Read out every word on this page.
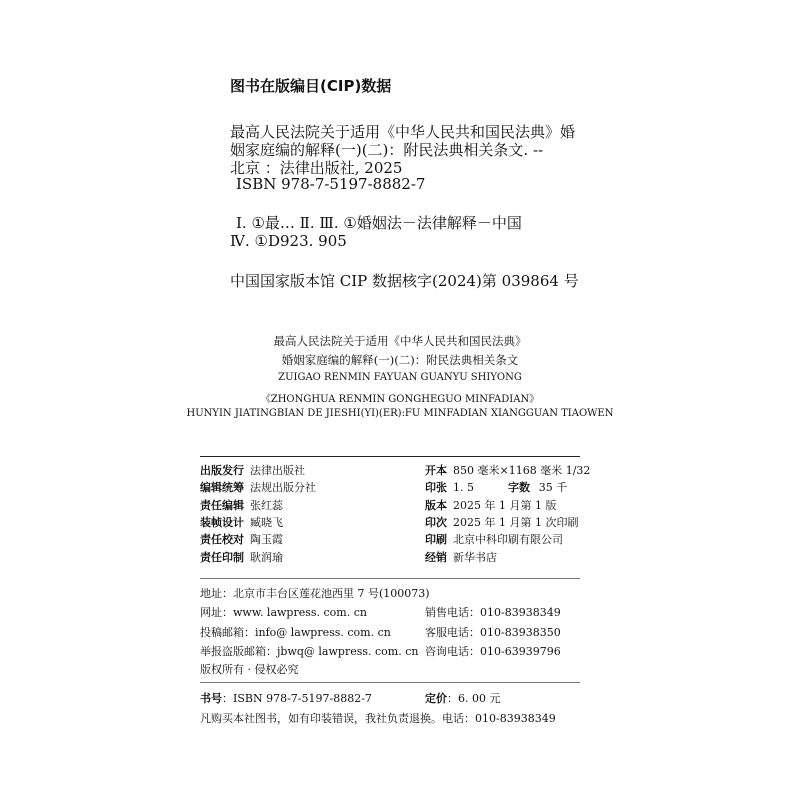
图书在版编目(CIP)数据
最高人民法院关于适用《中华人民共和国民法典》婚
姻家庭编的解释(一)(二)：附民法典相关条文. --
北京 ：法律出版社, 2025
ISBN 978-7-5197-8882-7
Ⅰ. ①最… Ⅱ. Ⅲ. ①婚姻法－法律解释－中国
Ⅳ. ①D923. 905
中国国家版本馆 CIP 数据核字(2024)第 039864 号
最高人民法院关于适用《中华人民共和国民法典》
婚姻家庭编的解释(一)(二)：附民法典相关条文
ZUIGAO RENMIN FAYUAN GUANYU SHIYONG
《ZHONGHUA RENMIN GONGHEGUO MINFADIAN》
HUNYIN JIATINGBIAN DE JIESHI(YI)(ER):FU MINFADIAN XIANGGUAN TIAOWEN
出版发行 法律出版社
编辑统筹 法规出版分社
责任编辑 张红蕊
装帧设计 臧晓飞
责任校对 陶玉霞
责任印制 耿润瑜
开本 850 毫米×1168 毫米 1/32
印张 1. 5
版本 2025 年 1 月第 1 版
印次 2025 年 1 月第 1 次印刷
印刷 北京中科印刷有限公司
经销 新华书店
字数 35 千
地址：北京市丰台区莲花池西里 7 号(100073)
网址：www. lawpress. com. cn
投稿邮箱：info@ lawpress. com. cn
举报盗版邮箱：jbwq@ lawpress. com. cn
版权所有 · 侵权必究
销售电话：010-83938349
客服电话：010-83938350
咨询电话：010-63939796
书号：ISBN 978-7-5197-8882-7	定价：6. 00 元
凡购买本社图书，如有印装错误，我社负责退换。电话：010-83938349
